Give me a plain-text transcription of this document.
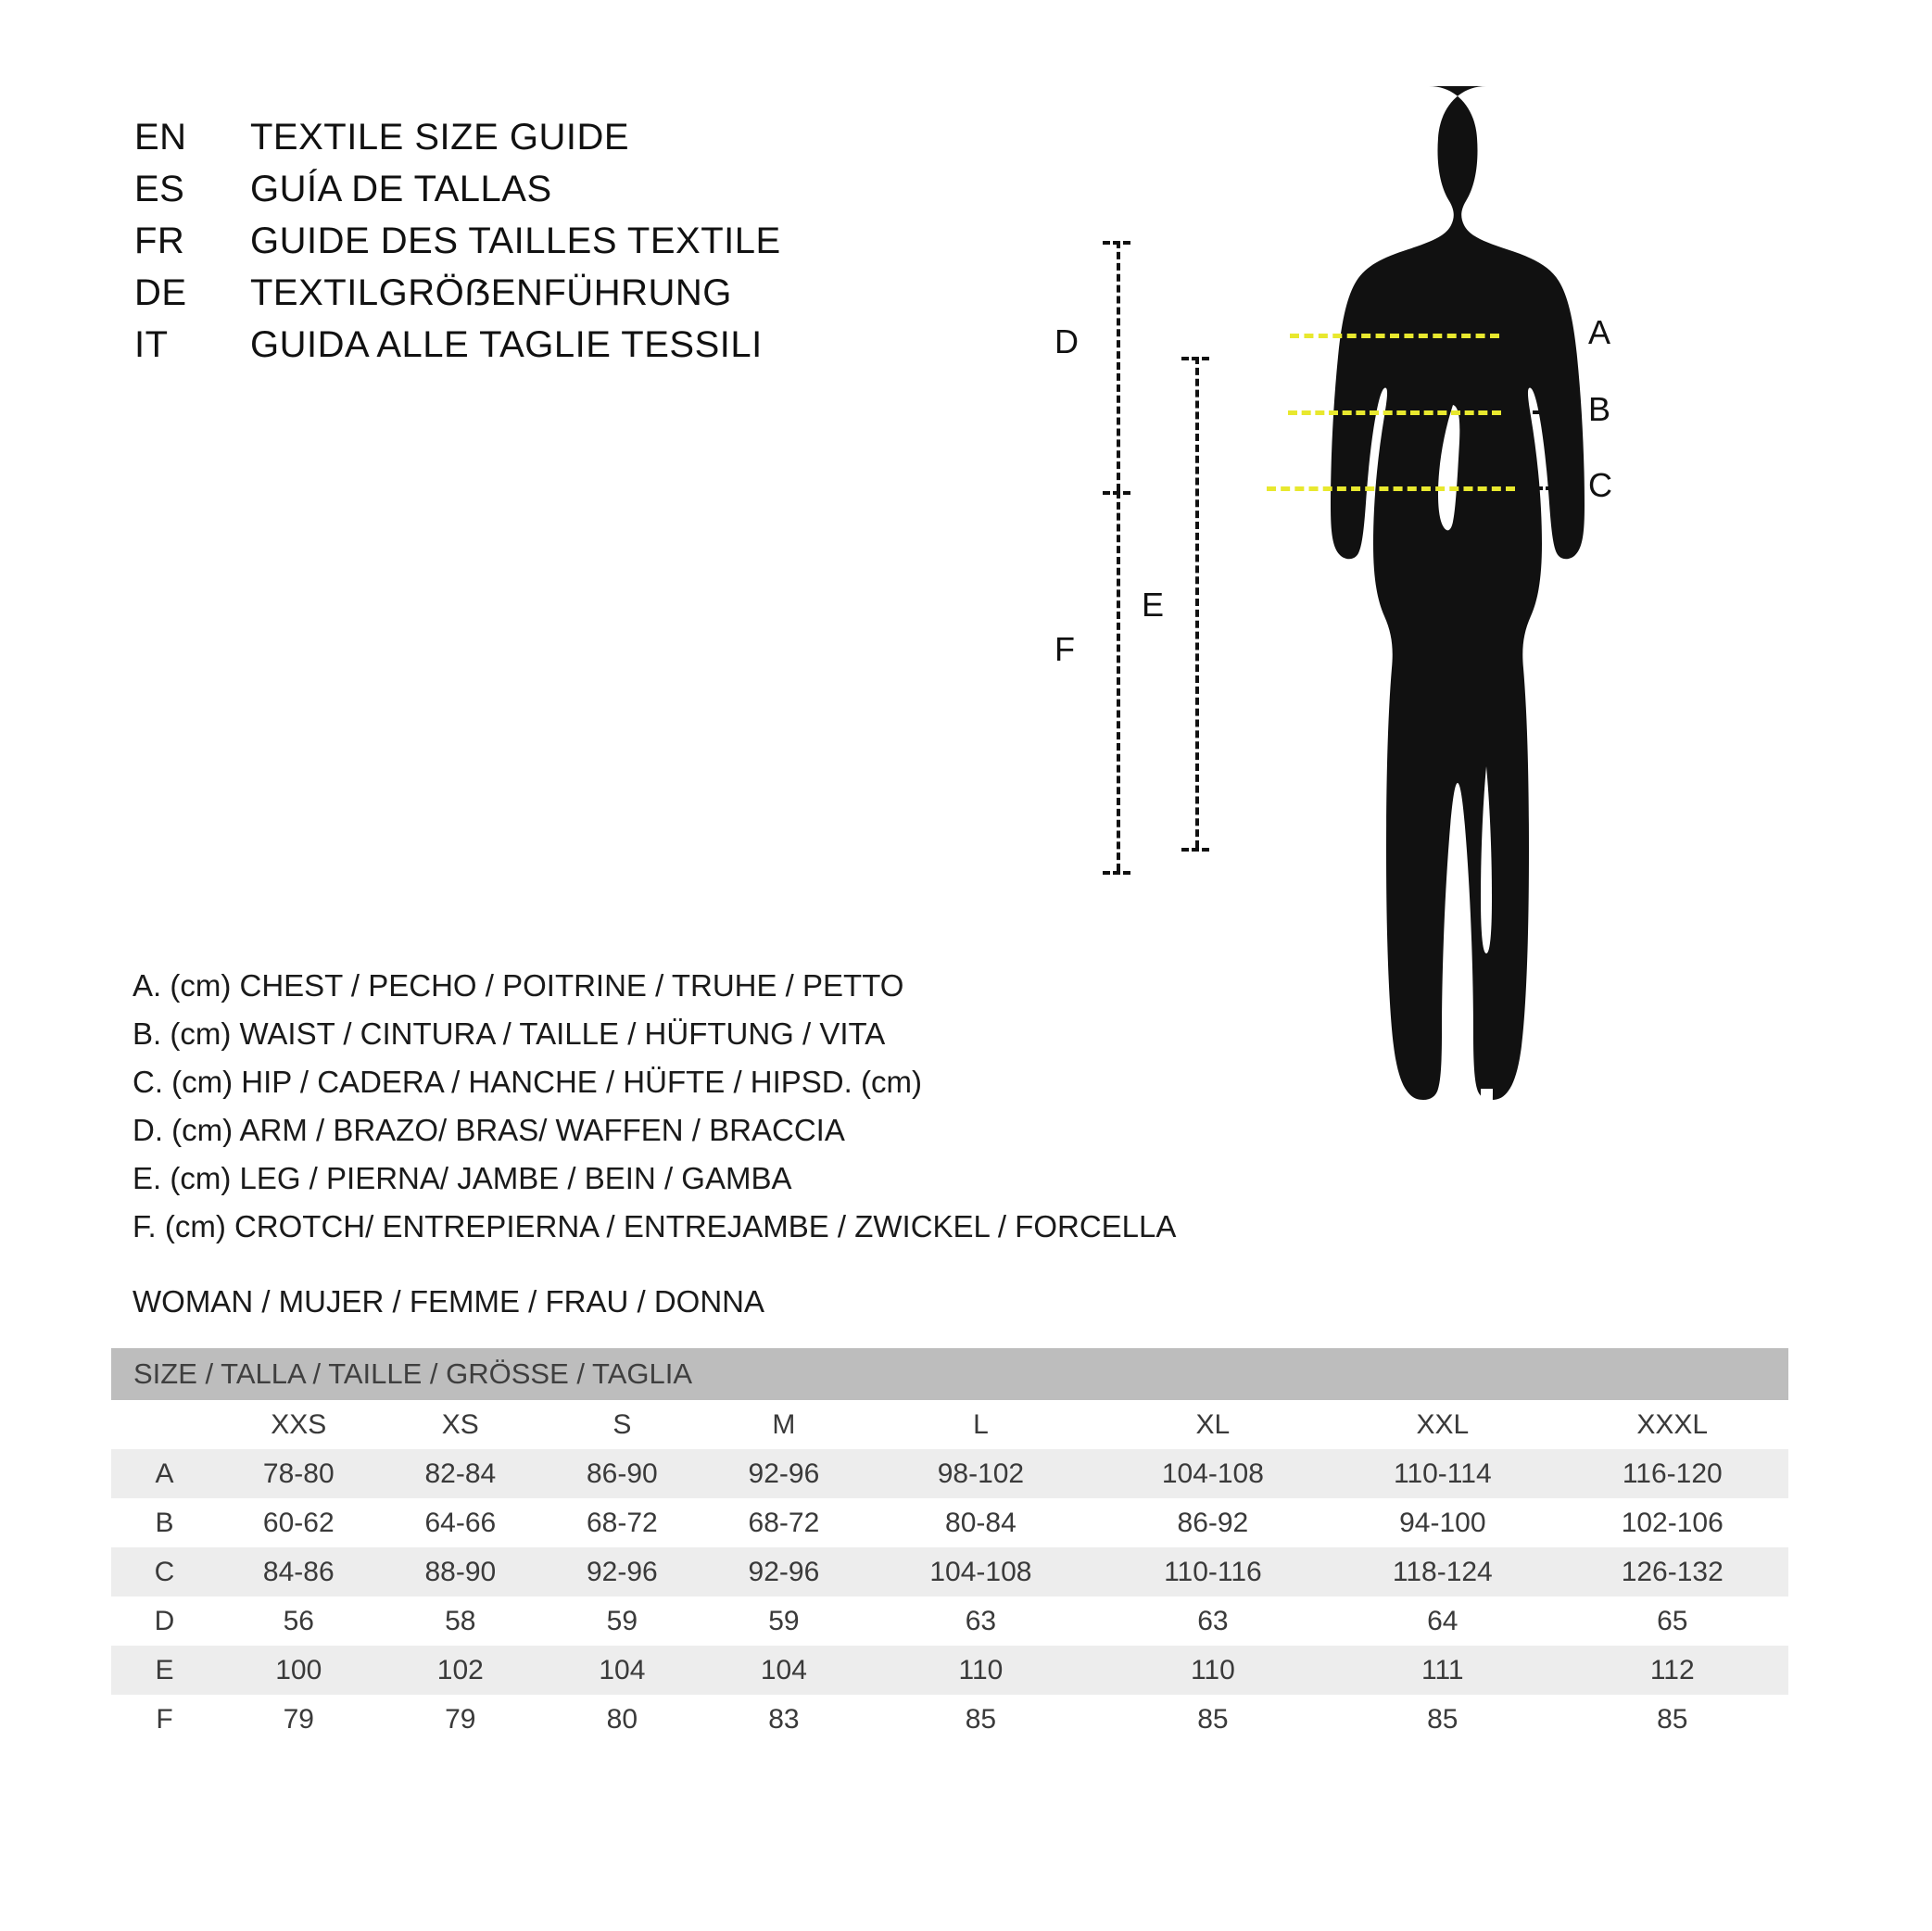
EN	TEXTILE SIZE GUIDE
ES	GUÍA DE TALLAS
FR	GUIDE DES TAILLES TEXTILE
DE	TEXTILGRÖẞENFÜHRUNG
IT	GUIDA ALLE TAGLIE TESSILI	A
B
C
D
F
E
A. (cm) CHEST / PECHO / POITRINE / TRUHE / PETTO
B. (cm) WAIST / CINTURA / TAILLE / HÜFTUNG / VITA
C. (cm) HIP / CADERA / HANCHE / HÜFTE / HIPSD. (cm)
D. (cm) ARM / BRAZO/ BRAS/ WAFFEN / BRACCIA
E. (cm) LEG / PIERNA/ JAMBE / BEIN / GAMBA
F. (cm) CROTCH/ ENTREPIERNA / ENTREJAMBE / ZWICKEL / FORCELLA
WOMAN / MUJER / FEMME / FRAU / DONNA
SIZE / TALLA / TAILLE / GRÖSSE / TAGLIA								
	XXS	XS	S	M	L	XL	XXL	XXXL
A	78-80	82-84	86-90	92-96	98-102	104-108	110-114	116-120
B	60-62	64-66	68-72	68-72	80-84	86-92	94-100	102-106
C	84-86	88-90	92-96	92-96	104-108	110-116	118-124	126-132
D	56	58	59	59	63	63	64	65
E	100	102	104	104	110	110	111	112
F	79	79	80	83	85	85	85	85
